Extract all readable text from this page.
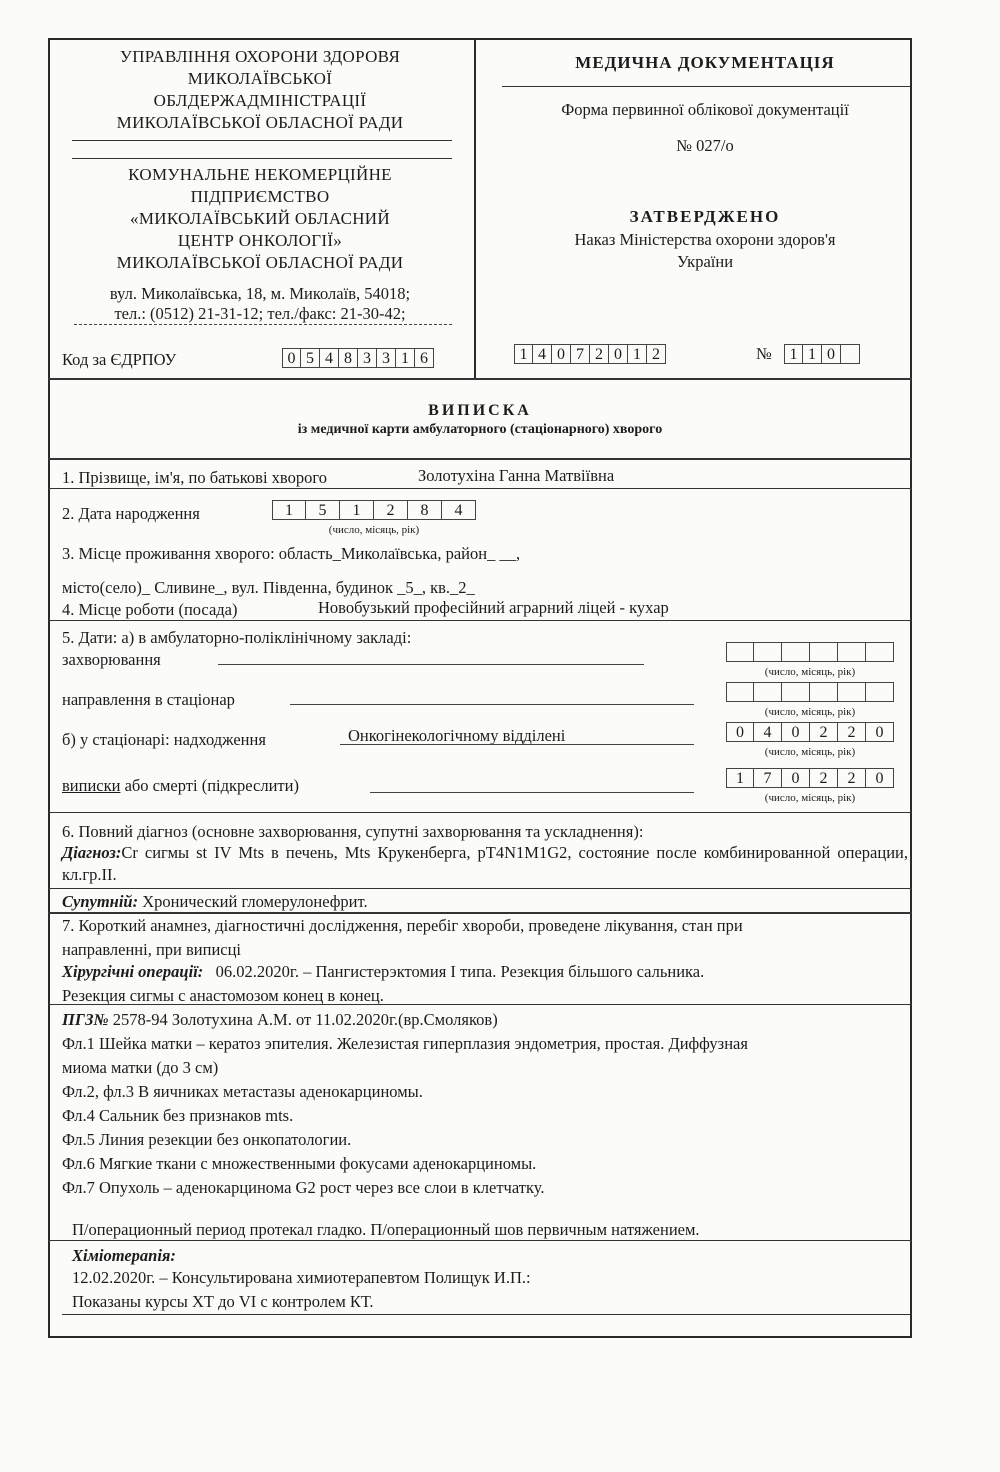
УПРАВЛІННЯ ОХОРОНИ ЗДОРОВЯ
МИКОЛАЇВСЬКОЇ
ОБЛДЕРЖАДМІНІСТРАЦІЇ
МИКОЛАЇВСЬКОЇ ОБЛАСНОЇ РАДИ
КОМУНАЛЬНЕ НЕКОМЕРЦІЙНЕ
ПІДПРИЄМСТВО
«МИКОЛАЇВСЬКИЙ ОБЛАСНИЙ
ЦЕНТР ОНКОЛОГІЇ»
МИКОЛАЇВСЬКОЇ ОБЛАСНОЇ РАДИ
вул. Миколаївська, 18, м. Миколаїв, 54018;
тел.: (0512) 21-31-12; тел./факс: 21-30-42;
Код за ЄДРПОУ	0 5 4 8 3 3 1 6
МЕДИЧНА ДОКУМЕНТАЦІЯ
Форма первинної облікової документації
№ 027/о
ЗАТВЕРДЖЕНО
Наказ Міністерства охорони здоров'я
України
1 4 0 7 2 0 1 2	№	1 1 0
ВИПИСКА
із медичної карти амбулаторного (стаціонарного) хворого
1. Прізвище, ім'я, по батькові хворого	Золотухіна Ганна Матвіївна
2. Дата народження	1	5	1	2	8	4
(число, місяць, рік)
3. Місце проживання хворого: область_Миколаївська, район_ __,
місто(село)_ Сливине_, вул. Південна, будинок _5_, кв._2_
4. Місце роботи (посада)	Новобузький професійний аграрний ліцей - кухар
5. Дати: а) в амбулаторно-поліклінічному закладі:
захворювання
(число, місяць, рік)
направлення в стаціонар
(число, місяць, рік)
б) у стаціонарі: надходження	Онкогінекологічному відділені	0	4	0	2	2	0
(число, місяць, рік)
виписки або смерті (підкреслити)	1	7	0	2	2	0
(число, місяць, рік)
6. Повний діагноз (основне захворювання, супутні захворювання та ускладнення):
Діагноз:Cr сигмы st IV Mts в печень, Mts Крукенберга, pT4N1M1G2, состояние после комбинированной операции, кл.гр.II.
Супутній: Хронический гломерулонефрит.
7. Короткий анамнез, діагностичні дослідження, перебіг хвороби, проведене лікування, стан при
направленні, при виписці
Хірургічні операції:   06.02.2020г. – Пангистерэктомия I типа. Резекция більшого сальника.
Резекция сигмы с анастомозом конец в конец.
ПГЗ№ 2578-94 Золотухина А.М. от 11.02.2020г.(вр.Смоляков)
Фл.1 Шейка матки – кератоз эпителия. Железистая гиперплазия эндометрия, простая. Диффузная
миома матки (до 3 см)
Фл.2, фл.3 В яичниках метастазы аденокарциномы.
Фл.4 Сальник без признаков mts.
Фл.5 Линия резекции без онкопатологии.
Фл.6 Мягкие ткани с множественными фокусами аденокарциномы.
Фл.7 Опухоль – аденокарцинома G2 рост через все слои в клетчатку.
П/операционный период протекал гладко. П/операционный шов первичным натяжением.
Хіміотерапія:
12.02.2020г. – Консультирована химиотерапевтом Полищук И.П.:
Показаны курсы ХТ до VI с контролем КТ.
